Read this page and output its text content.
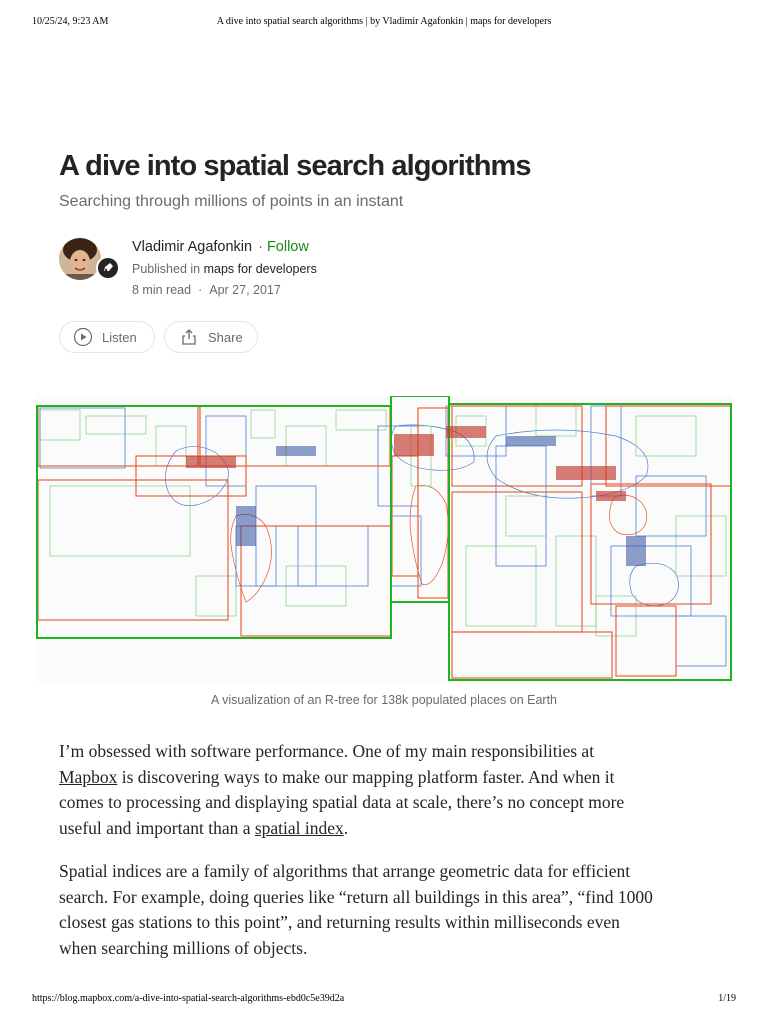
10/25/24, 9:23 AM	A dive into spatial search algorithms | by Vladimir Agafonkin | maps for developers
A dive into spatial search algorithms
Searching through millions of points in an instant
Vladimir Agafonkin · Follow
Published in maps for developers
8 min read · Apr 27, 2017
Listen	Share
A visualization of an R-tree for 138k populated places on Earth

I’m obsessed with software performance. One of my main responsibilities at
Mapbox is discovering ways to make our mapping platform faster. And when it
comes to processing and displaying spatial data at scale, there’s no concept more
useful and important than a spatial index.

Spatial indices are a family of algorithms that arrange geometric data for efficient
search. For example, doing queries like “return all buildings in this area”, “find 1000
closest gas stations to this point”, and returning results within milliseconds even
when searching millions of objects.

https://blog.mapbox.com/a-dive-into-spatial-search-algorithms-ebd0c5e39d2a	1/19
